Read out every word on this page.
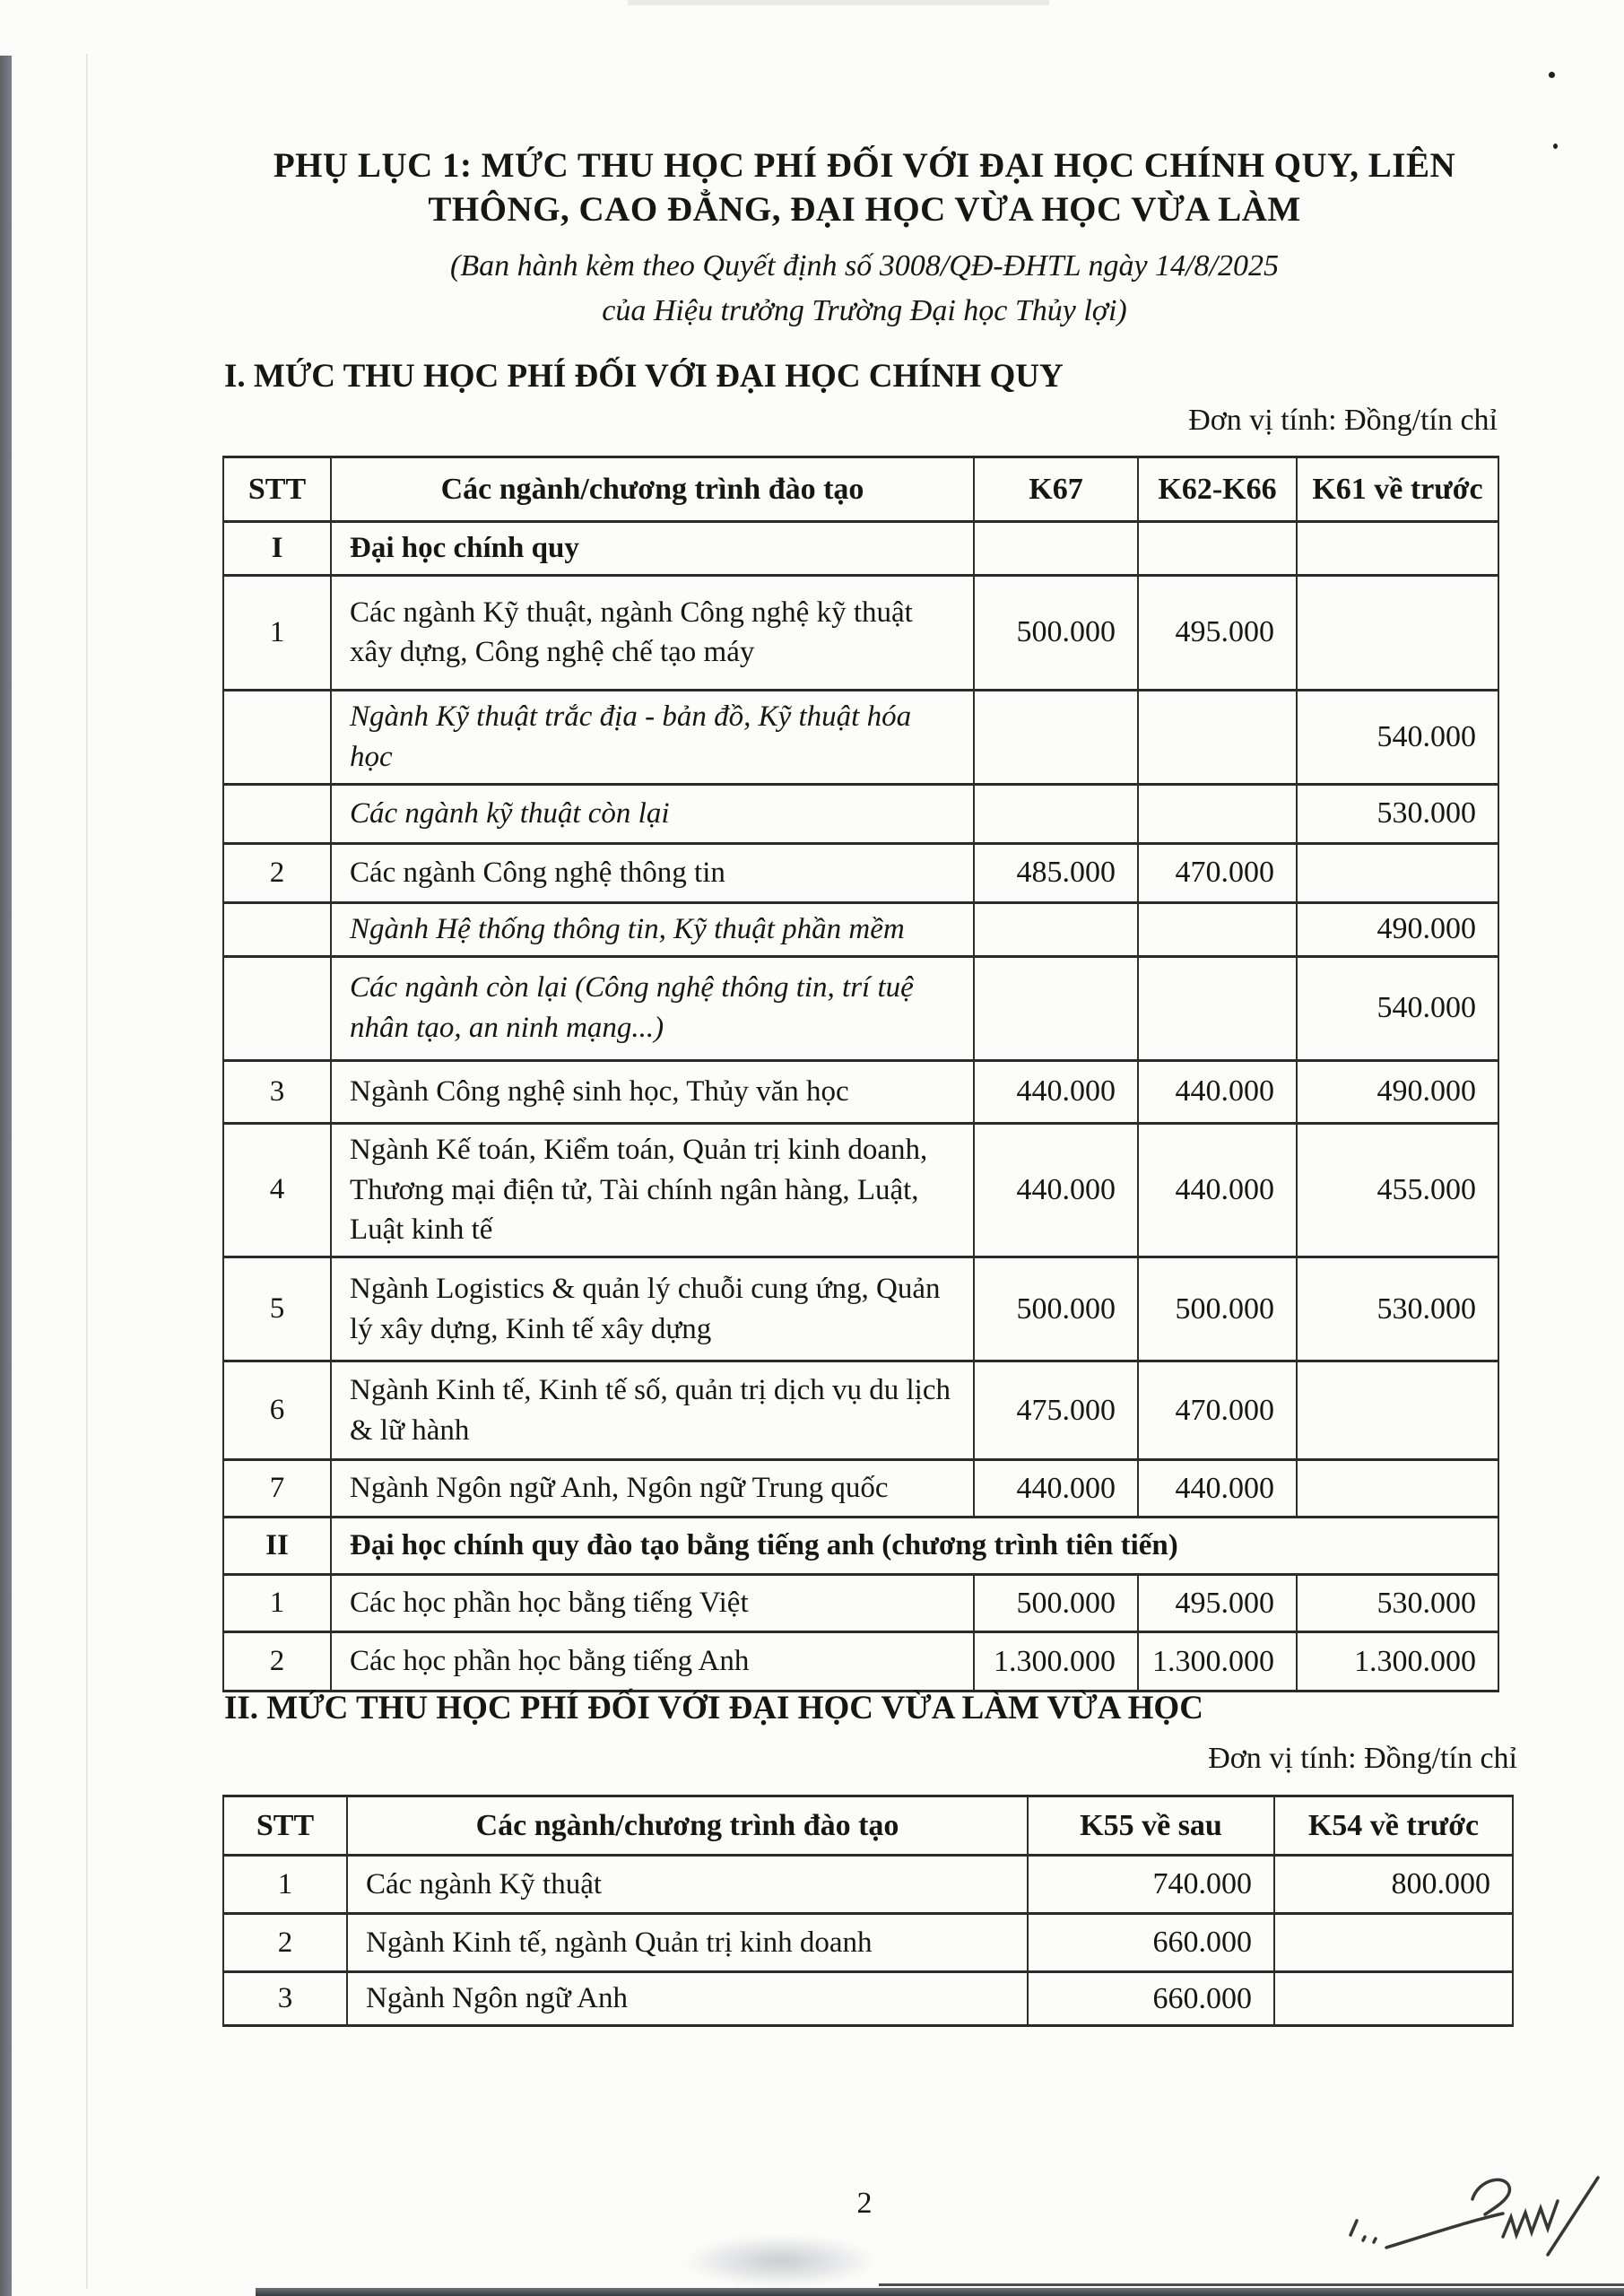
PHỤ LỤC 1: MỨC THU HỌC PHÍ ĐỐI VỚI ĐẠI HỌC CHÍNH QUY, LIÊN
THÔNG, CAO ĐẲNG, ĐẠI HỌC VỪA HỌC VỪA LÀM
(Ban hành kèm theo Quyết định số 3008/QĐ-ĐHTL ngày 14/8/2025
của Hiệu trưởng Trường Đại học Thủy lợi)
I. MỨC THU HỌC PHÍ ĐỐI VỚI ĐẠI HỌC CHÍNH QUY
Đơn vị tính: Đồng/tín chỉ
STT	Các ngành/chương trình đào tạo	K67	K62-K66	K61 về trước
I	Đại học chính quy			
1	Các ngành Kỹ thuật, ngành Công nghệ kỹ thuật xây dựng, Công nghệ chế tạo máy	500.000	495.000	
	Ngành Kỹ thuật trắc địa - bản đồ, Kỹ thuật hóa học			540.000
	Các ngành kỹ thuật còn lại			530.000
2	Các ngành Công nghệ thông tin	485.000	470.000	
	Ngành Hệ thống thông tin, Kỹ thuật phần mềm			490.000
	Các ngành còn lại (Công nghệ thông tin, trí tuệ nhân tạo, an ninh mạng...)			540.000
3	Ngành Công nghệ sinh học, Thủy văn học	440.000	440.000	490.000
4	Ngành Kế toán, Kiểm toán, Quản trị kinh doanh, Thương mại điện tử, Tài chính ngân hàng, Luật, Luật kinh tế	440.000	440.000	455.000
5	Ngành Logistics & quản lý chuỗi cung ứng, Quản lý xây dựng, Kinh tế xây dựng	500.000	500.000	530.000
6	Ngành Kinh tế, Kinh tế số, quản trị dịch vụ du lịch & lữ hành	475.000	470.000	
7	Ngành Ngôn ngữ Anh, Ngôn ngữ Trung quốc	440.000	440.000	
II	Đại học chính quy đào tạo bằng tiếng anh (chương trình tiên tiến)			
1	Các học phần học bằng tiếng Việt	500.000	495.000	530.000
2	Các học phần học bằng tiếng Anh	1.300.000	1.300.000	1.300.000
II. MỨC THU HỌC PHÍ ĐỐI VỚI ĐẠI HỌC VỪA LÀM VỪA HỌC
Đơn vị tính: Đồng/tín chỉ
STT	Các ngành/chương trình đào tạo	K55 về sau	K54 về trước
1	Các ngành Kỹ thuật	740.000	800.000
2	Ngành Kinh tế, ngành Quản trị kinh doanh	660.000	
3	Ngành Ngôn ngữ Anh	660.000	
2
